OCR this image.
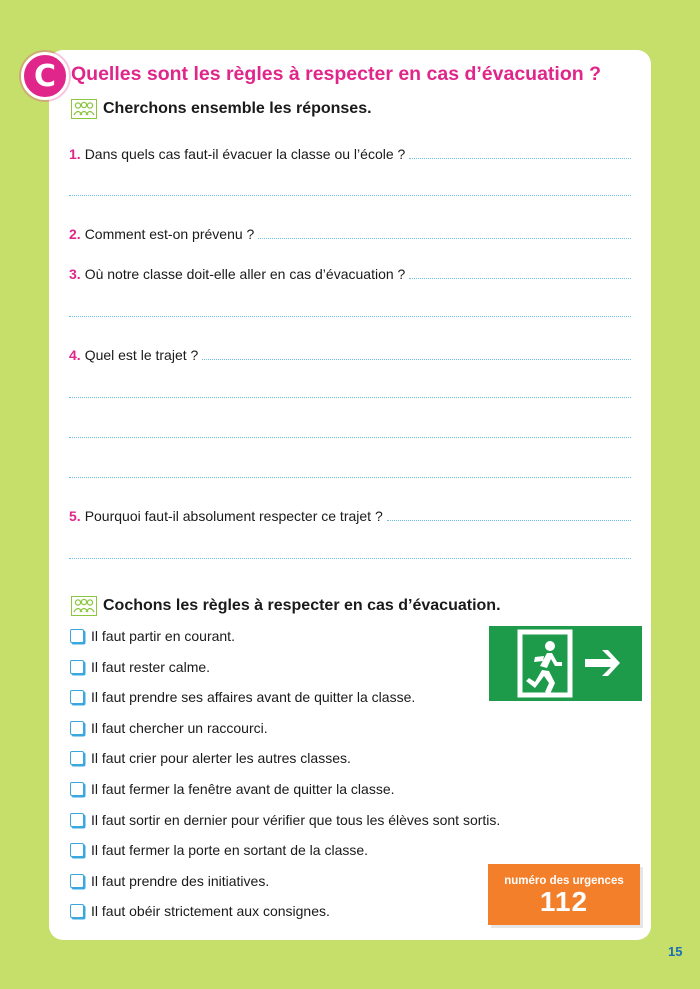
C Quelles sont les règles à respecter en cas d’évacuation ?
Cherchons ensemble les réponses.
1. Dans quels cas faut-il évacuer la classe ou l’école ?
2. Comment est-on prévenu ?
3. Où notre classe doit-elle aller en cas d’évacuation ?
4. Quel est le trajet ?
5. Pourquoi faut-il absolument respecter ce trajet ?
Cochons les règles à respecter en cas d’évacuation.
Il faut partir en courant.
Il faut rester calme.
Il faut prendre ses affaires avant de quitter la classe.
Il faut chercher un raccourci.
Il faut crier pour alerter les autres classes.
Il faut fermer la fenêtre avant de quitter la classe.
Il faut sortir en dernier pour vérifier que tous les élèves sont sortis.
Il faut fermer la porte en sortant de la classe.
Il faut prendre des initiatives.
Il faut obéir strictement aux consignes.
numéro des urgences
112
15
